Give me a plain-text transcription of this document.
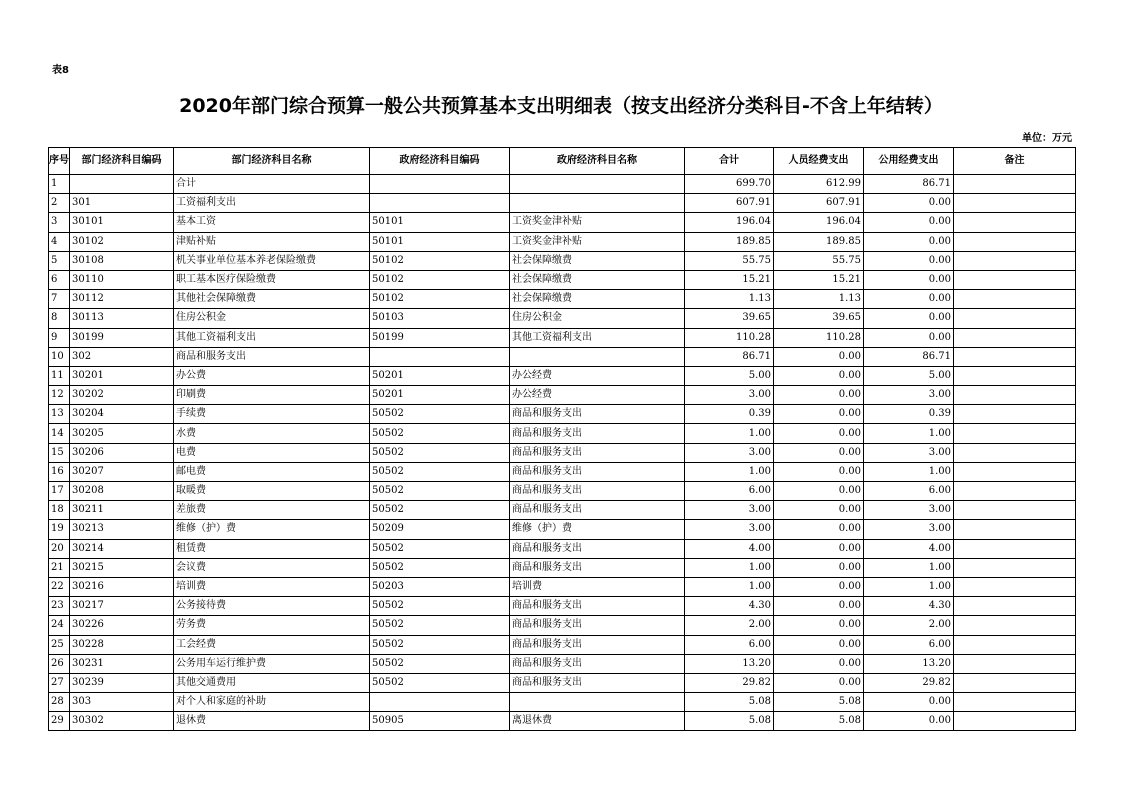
表8
2020年部门综合预算一般公共预算基本支出明细表（按支出经济分类科目-不含上年结转）
单位：万元
序号	部门经济科目编码	部门经济科目名称	政府经济科目编码	政府经济科目名称	合计	人员经费支出	公用经费支出	备注
1		合计			699.70	612.99	86.71	
2	301	工资福利支出			607.91	607.91	0.00	
3	30101	基本工资	50101	工资奖金津补贴	196.04	196.04	0.00	
4	30102	津贴补贴	50101	工资奖金津补贴	189.85	189.85	0.00	
5	30108	机关事业单位基本养老保险缴费	50102	社会保障缴费	55.75	55.75	0.00	
6	30110	职工基本医疗保险缴费	50102	社会保障缴费	15.21	15.21	0.00	
7	30112	其他社会保障缴费	50102	社会保障缴费	1.13	1.13	0.00	
8	30113	住房公积金	50103	住房公积金	39.65	39.65	0.00	
9	30199	其他工资福利支出	50199	其他工资福利支出	110.28	110.28	0.00	
10	302	商品和服务支出			86.71	0.00	86.71	
11	30201	办公费	50201	办公经费	5.00	0.00	5.00	
12	30202	印刷费	50201	办公经费	3.00	0.00	3.00	
13	30204	手续费	50502	商品和服务支出	0.39	0.00	0.39	
14	30205	水费	50502	商品和服务支出	1.00	0.00	1.00	
15	30206	电费	50502	商品和服务支出	3.00	0.00	3.00	
16	30207	邮电费	50502	商品和服务支出	1.00	0.00	1.00	
17	30208	取暖费	50502	商品和服务支出	6.00	0.00	6.00	
18	30211	差旅费	50502	商品和服务支出	3.00	0.00	3.00	
19	30213	维修（护）费	50209	维修（护）费	3.00	0.00	3.00	
20	30214	租赁费	50502	商品和服务支出	4.00	0.00	4.00	
21	30215	会议费	50502	商品和服务支出	1.00	0.00	1.00	
22	30216	培训费	50203	培训费	1.00	0.00	1.00	
23	30217	公务接待费	50502	商品和服务支出	4.30	0.00	4.30	
24	30226	劳务费	50502	商品和服务支出	2.00	0.00	2.00	
25	30228	工会经费	50502	商品和服务支出	6.00	0.00	6.00	
26	30231	公务用车运行维护费	50502	商品和服务支出	13.20	0.00	13.20	
27	30239	其他交通费用	50502	商品和服务支出	29.82	0.00	29.82	
28	303	对个人和家庭的补助			5.08	5.08	0.00	
29	30302	退休费	50905	离退休费	5.08	5.08	0.00	
